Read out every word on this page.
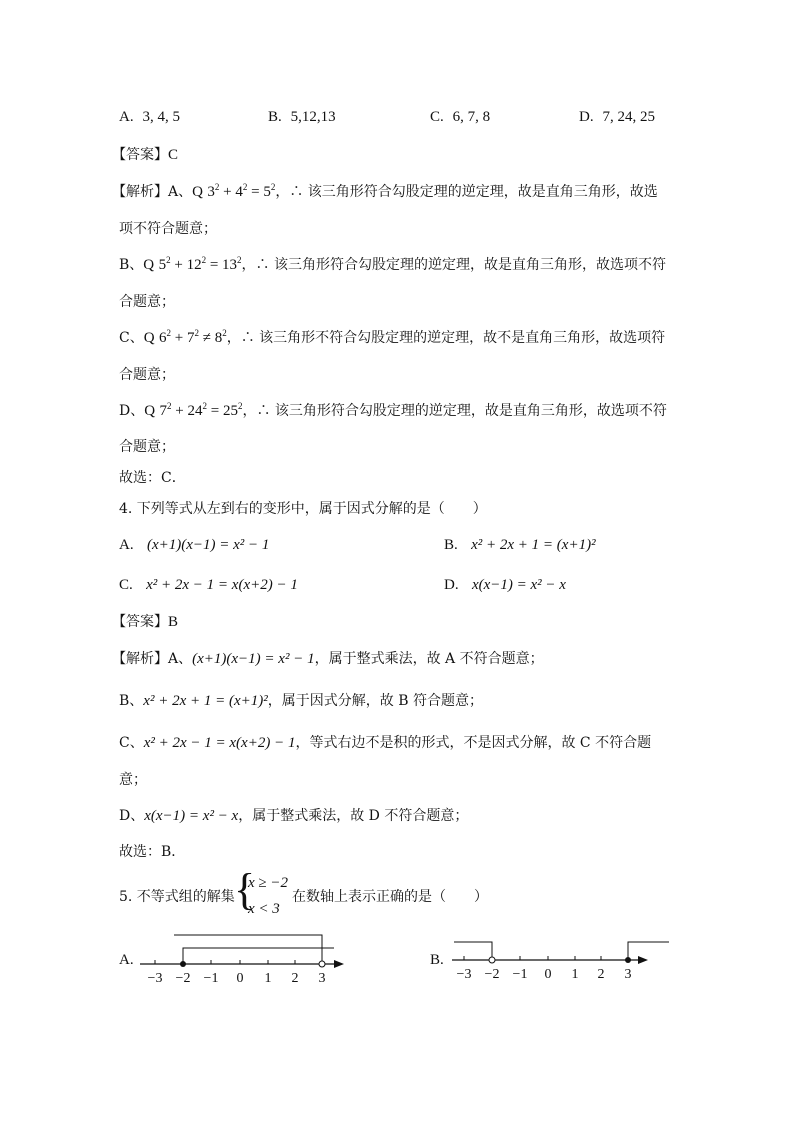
A. 3, 4, 5	B. 5,12,13	C. 6, 7, 8	D. 7, 24, 25
【答案】C
【解析】A、Q $3^2 + 4^2 = 5^2$，∴ 该三角形符合勾股定理的逆定理，故是直角三角形，故选
项不符合题意；
B、Q $5^2 + 12^2 = 13^2$，∴ 该三角形符合勾股定理的逆定理，故是直角三角形，故选项不符
合题意；
C、Q $6^2 + 7^2 \ne 8^2$，∴ 该三角形不符合勾股定理的逆定理，故不是直角三角形，故选项符
合题意；
D、Q $7^2 + 24^2 = 25^2$，∴ 该三角形符合勾股定理的逆定理，故是直角三角形，故选项不符
合题意；
故选：C．
4. 下列等式从左到右的变形中，属于因式分解的是（　　）
A. (x+1)(x−1) = x² − 1	B. x² + 2x + 1 = (x+1)²
C. x² + 2x − 1 = x(x+2) − 1	D. x(x−1) = x² − x
【答案】B
【解析】A、(x+1)(x−1) = x² − 1，属于整式乘法，故 A 不符合题意；
B、x² + 2x + 1 = (x+1)²，属于因式分解，故 B 符合题意；
C、x² + 2x − 1 = x(x+2) − 1，等式右边不是积的形式，不是因式分解，故 C 不符合题
意；
D、x(x−1) = x² − x，属于整式乘法，故 D 不符合题意；
故选：B．
5. 不等式组的解集 {
x ≥ −2
x < 3
在数轴上表示正确的是（　　）
A.
−3 −2 −1 0 1 2 3
B.
−3 −2 −1 0 1 2 3
